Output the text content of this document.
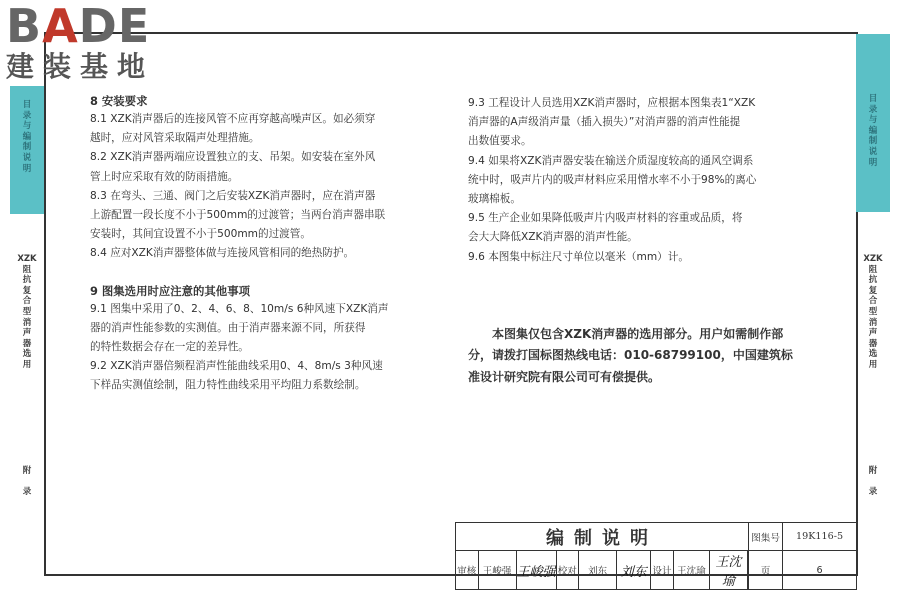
BADE
建装基地
目
录
与
编
制
说
明
XZK
阻
抗
复
合
型
消
声
器
选
用
附
录
目
录
与
编
制
说
明
XZK
阻
抗
复
合
型
消
声
器
选
用
附
录

8 安装要求

8.1 XZK消声器后的连接风管不应再穿越高噪声区。如必须穿

越时，应对风管采取隔声处理措施。

8.2 XZK消声器两端应设置独立的支、吊架。如安装在室外风

管上时应采取有效的防雨措施。

8.3 在弯头、三通、阀门之后安装XZK消声器时，应在消声器

上游配置一段长度不小于500mm的过渡管；当两台消声器串联

安装时，其间宜设置不小于500mm的过渡管。

8.4 应对XZK消声器整体做与连接风管相同的绝热防护。

9 图集选用时应注意的其他事项

9.1 图集中采用了0、2、4、6、8、10m/s 6种风速下XZK消声

器的消声性能参数的实测值。由于消声器来源不同，所获得

的特性数据会存在一定的差异性。

9.2 XZK消声器倍频程消声性能曲线采用0、4、8m/s 3种风速

下样品实测值绘制，阻力特性曲线采用平均阻力系数绘制。

9.3 工程设计人员选用XZK消声器时，应根据本图集表1“XZK

消声器的A声级消声量（插入损失）”对消声器的消声性能提

出数值要求。

9.4 如果将XZK消声器安装在输送介质湿度较高的通风空调系

统中时，吸声片内的吸声材料应采用憎水率不小于98%的离心

玻璃棉板。

9.5 生产企业如果降低吸声片内吸声材料的容重或品质，将

会大大降低XZK消声器的消声性能。

9.6 本图集中标注尺寸单位以毫米（mm）计。

本图集仅包含XZK消声器的选用部分。用户如需制作部
分，请拨打国标图热线电话：010-68799100，中国建筑标
准设计研究院有限公司可有偿提供。
编制说明									图集号	19K116-5
审核	王峻强	王峻强	校对	刘东	刘东	设计	王沈瑜	王沈瑜		页	6
